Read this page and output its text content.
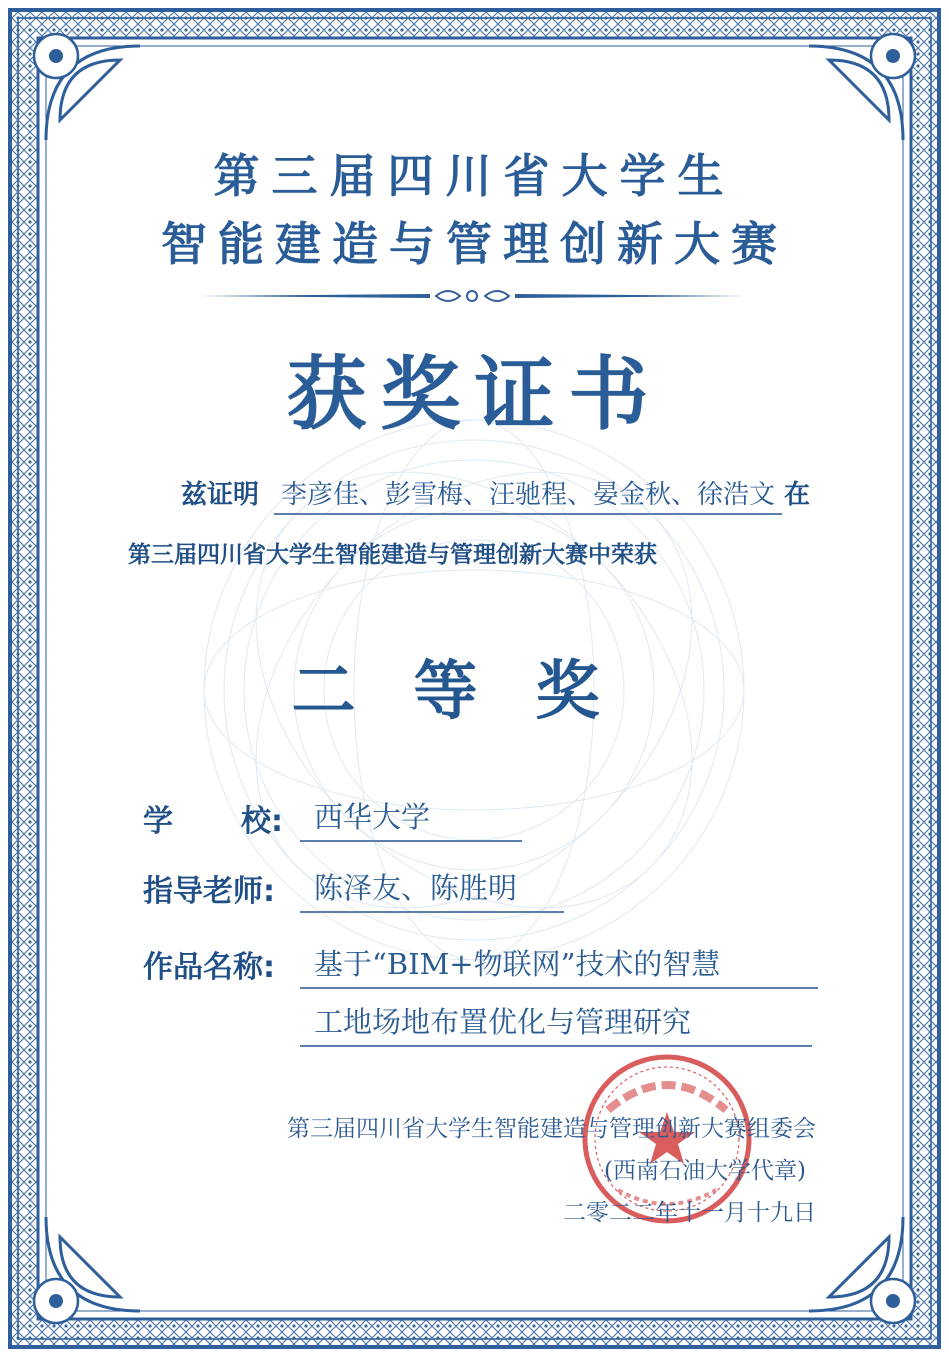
第三届四川省大学生
智能建造与管理创新大赛
获奖证书
兹证明 李彦佳、彭雪梅、汪驰程、晏金秋、徐浩文 在
第三届四川省大学生智能建造与管理创新大赛中荣获
二等奖
学 校:	西华大学
指导老师:	陈泽友、陈胜明
作品名称:	基于“BIM+物联网”技术的智慧
工地场地布置优化与管理研究
第三届四川省大学生智能建造与管理创新大赛组委会
(西南石油大学代章)
二零二二年十一月十九日
